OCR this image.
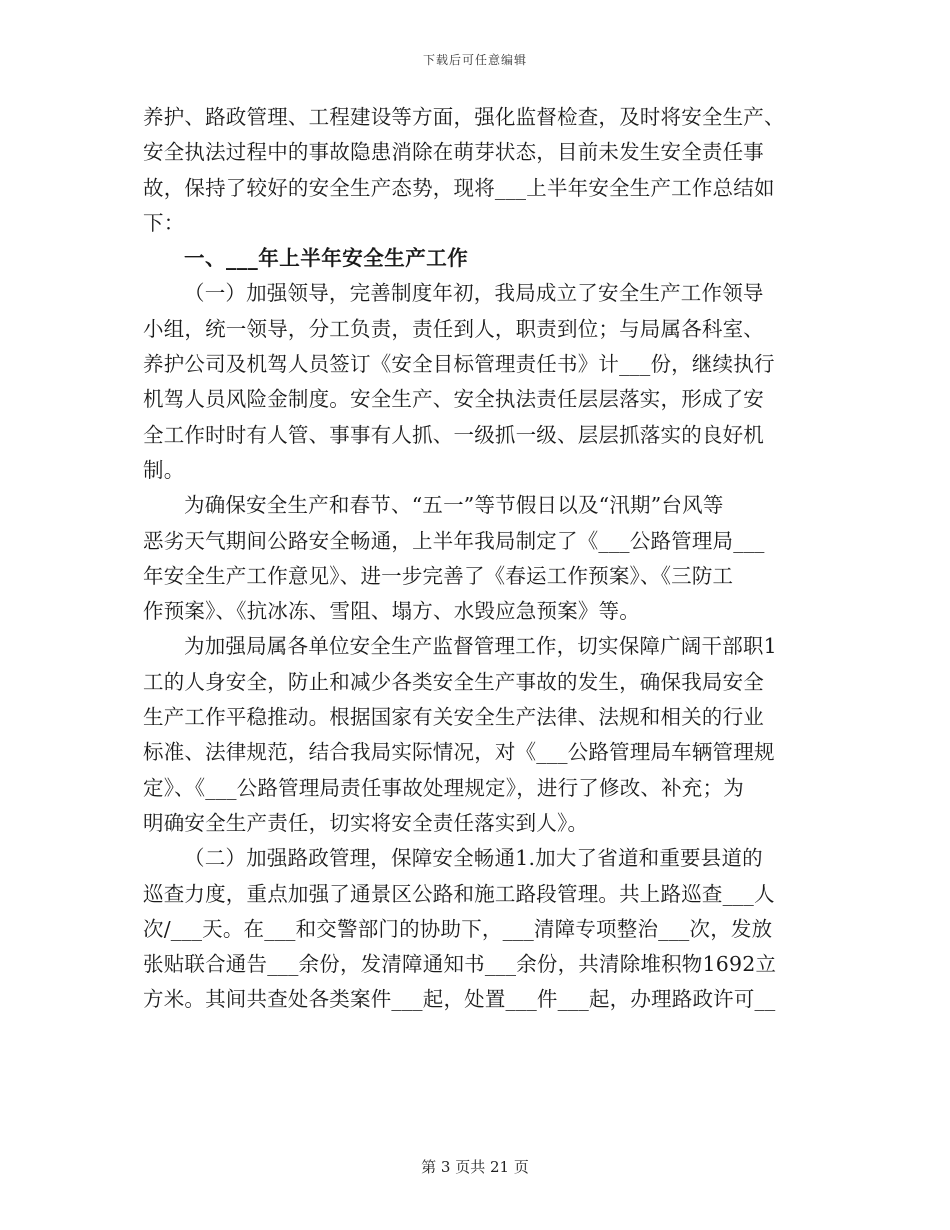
下载后可任意编辑
养护、路政管理、工程建设等方面，强化监督检查，及时将安全生产、
安全执法过程中的事故隐患消除在萌芽状态，目前未发生安全责任事
故，保持了较好的安全生产态势，现将___上半年安全生产工作总结如
下：
一、___年上半年安全生产工作
（一）加强领导，完善制度年初，我局成立了安全生产工作领导
小组，统一领导，分工负责，责任到人，职责到位；与局属各科室、
养护公司及机驾人员签订《安全目标管理责任书》计___份，继续执行
机驾人员风险金制度。安全生产、安全执法责任层层落实，形成了安
全工作时时有人管、事事有人抓、一级抓一级、层层抓落实的良好机
制。
为确保安全生产和春节、“五一”等节假日以及“汛期”台风等
恶劣天气期间公路安全畅通，上半年我局制定了《___公路管理局___
年安全生产工作意见》、进一步完善了《春运工作预案》、《三防工
作预案》、《抗冰冻、雪阻、塌方、水毁应急预案》等。
为加强局属各单位安全生产监督管理工作，切实保障广阔干部职1
工的人身安全，防止和减少各类安全生产事故的发生，确保我局安全
生产工作平稳推动。根据国家有关安全生产法律、法规和相关的行业
标准、法律规范，结合我局实际情况，对《___公路管理局车辆管理规
定》、《___公路管理局责任事故处理规定》，进行了修改、补充；为
明确安全生产责任，切实将安全责任落实到人》。
（二）加强路政管理，保障安全畅通1.加大了省道和重要县道的
巡查力度，重点加强了通景区公路和施工路段管理。共上路巡查___人
次/___天。在___和交警部门的协助下，___清障专项整治___次，发放
张贴联合通告___余份，发清障通知书___余份，共清除堆积物1692立
方米。其间共查处各类案件___起，处置___件___起，办理路政许可__
第 3 页共 21 页
